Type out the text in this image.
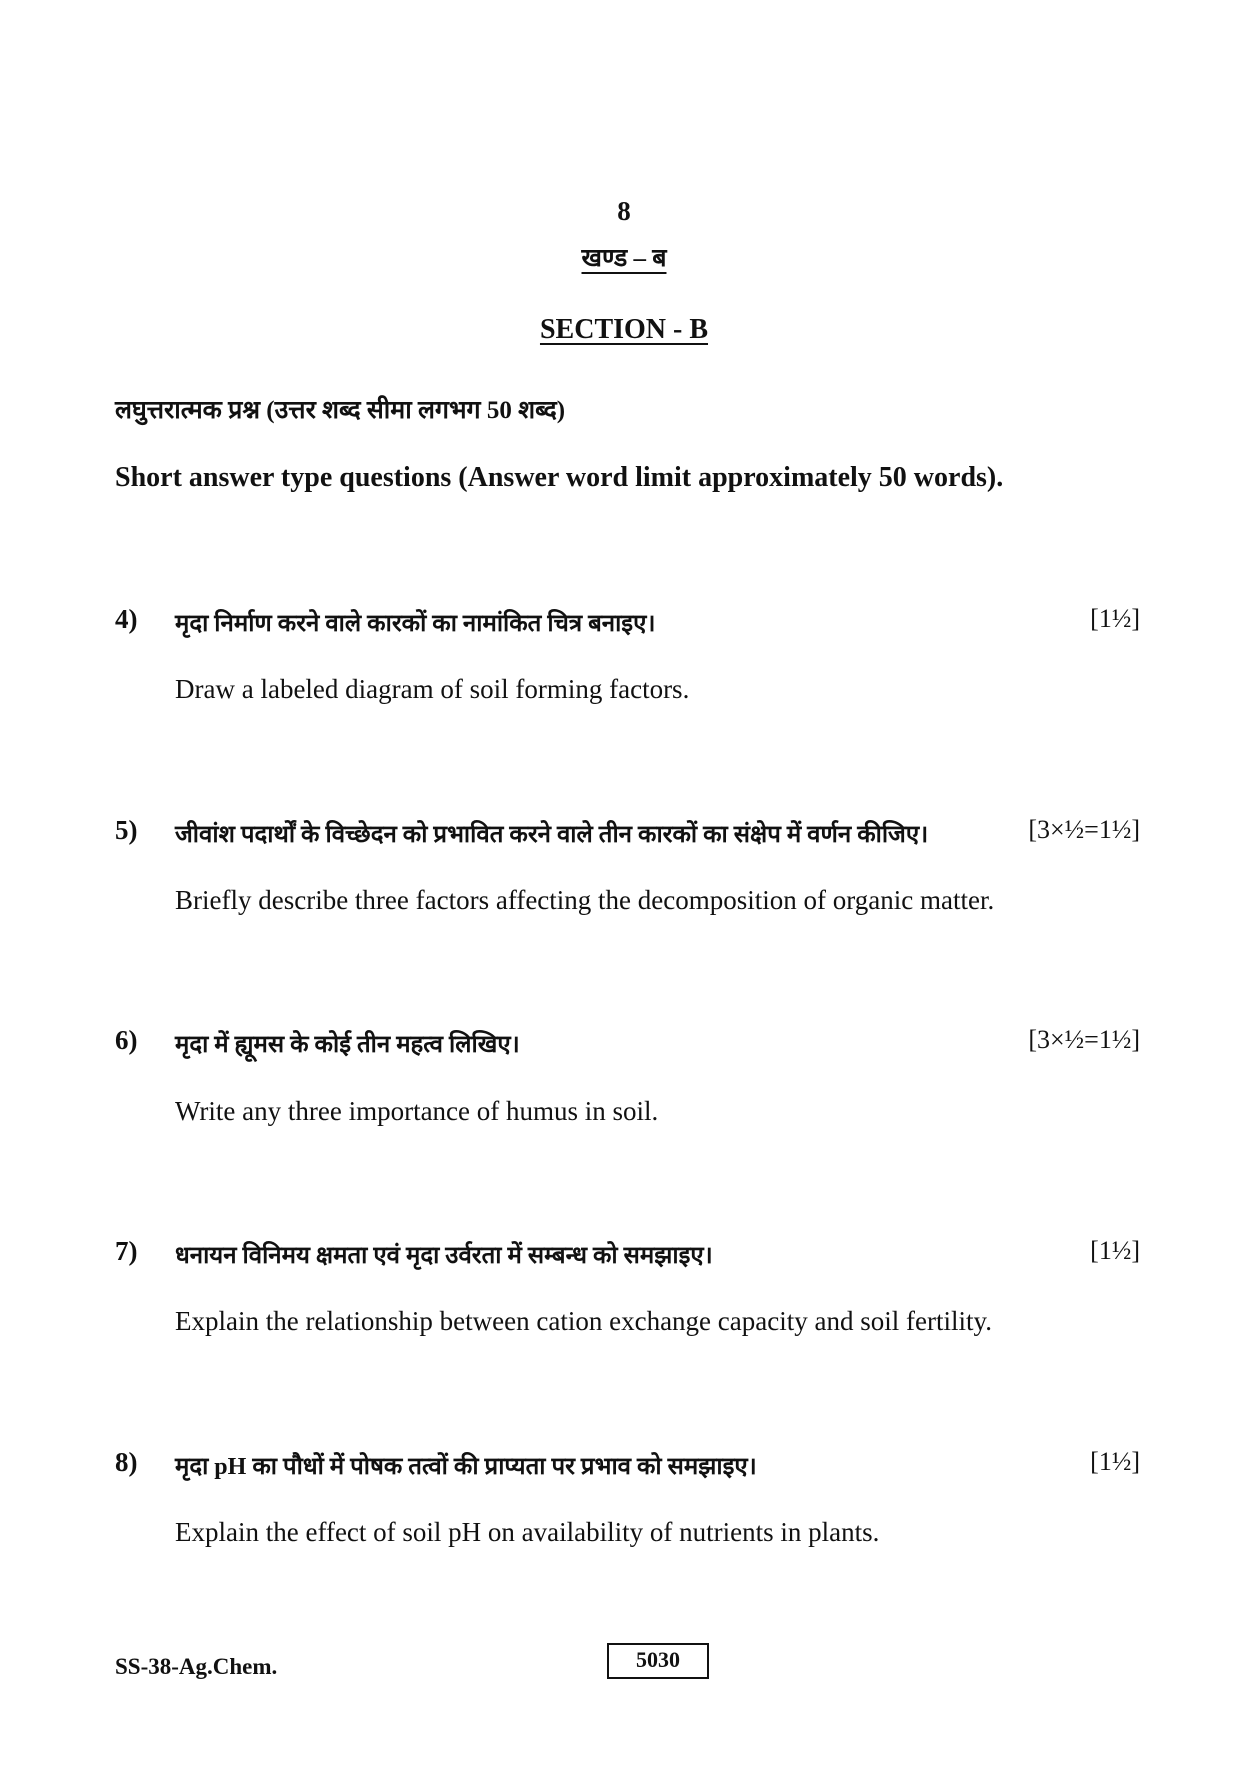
8
खण्ड – ब
SECTION - B
लघुत्तरात्मक प्रश्न (उत्तर शब्द सीमा लगभग 50 शब्द)
Short answer type questions (Answer word limit approximately 50 words).
4) मृदा निर्माण करने वाले कारकों का नामांकित चित्र बनाइए।	[1½]
Draw a labeled diagram of soil forming factors.
5) जीवांश पदार्थों के विच्छेदन को प्रभावित करने वाले तीन कारकों का संक्षेप में वर्णन कीजिए।	[3×½=1½]
Briefly describe three factors affecting the decomposition of organic matter.
6) मृदा में ह्यूमस के कोई तीन महत्व लिखिए।	[3×½=1½]
Write any three importance of humus in soil.
7) धनायन विनिमय क्षमता एवं मृदा उर्वरता में सम्बन्ध को समझाइए।	[1½]
Explain the relationship between cation exchange capacity and soil fertility.
8) मृदा pH का पौधों में पोषक तत्वों की प्राप्यता पर प्रभाव को समझाइए।	[1½]
Explain the effect of soil pH on availability of nutrients in plants.
SS-38-Ag.Chem.	5030
